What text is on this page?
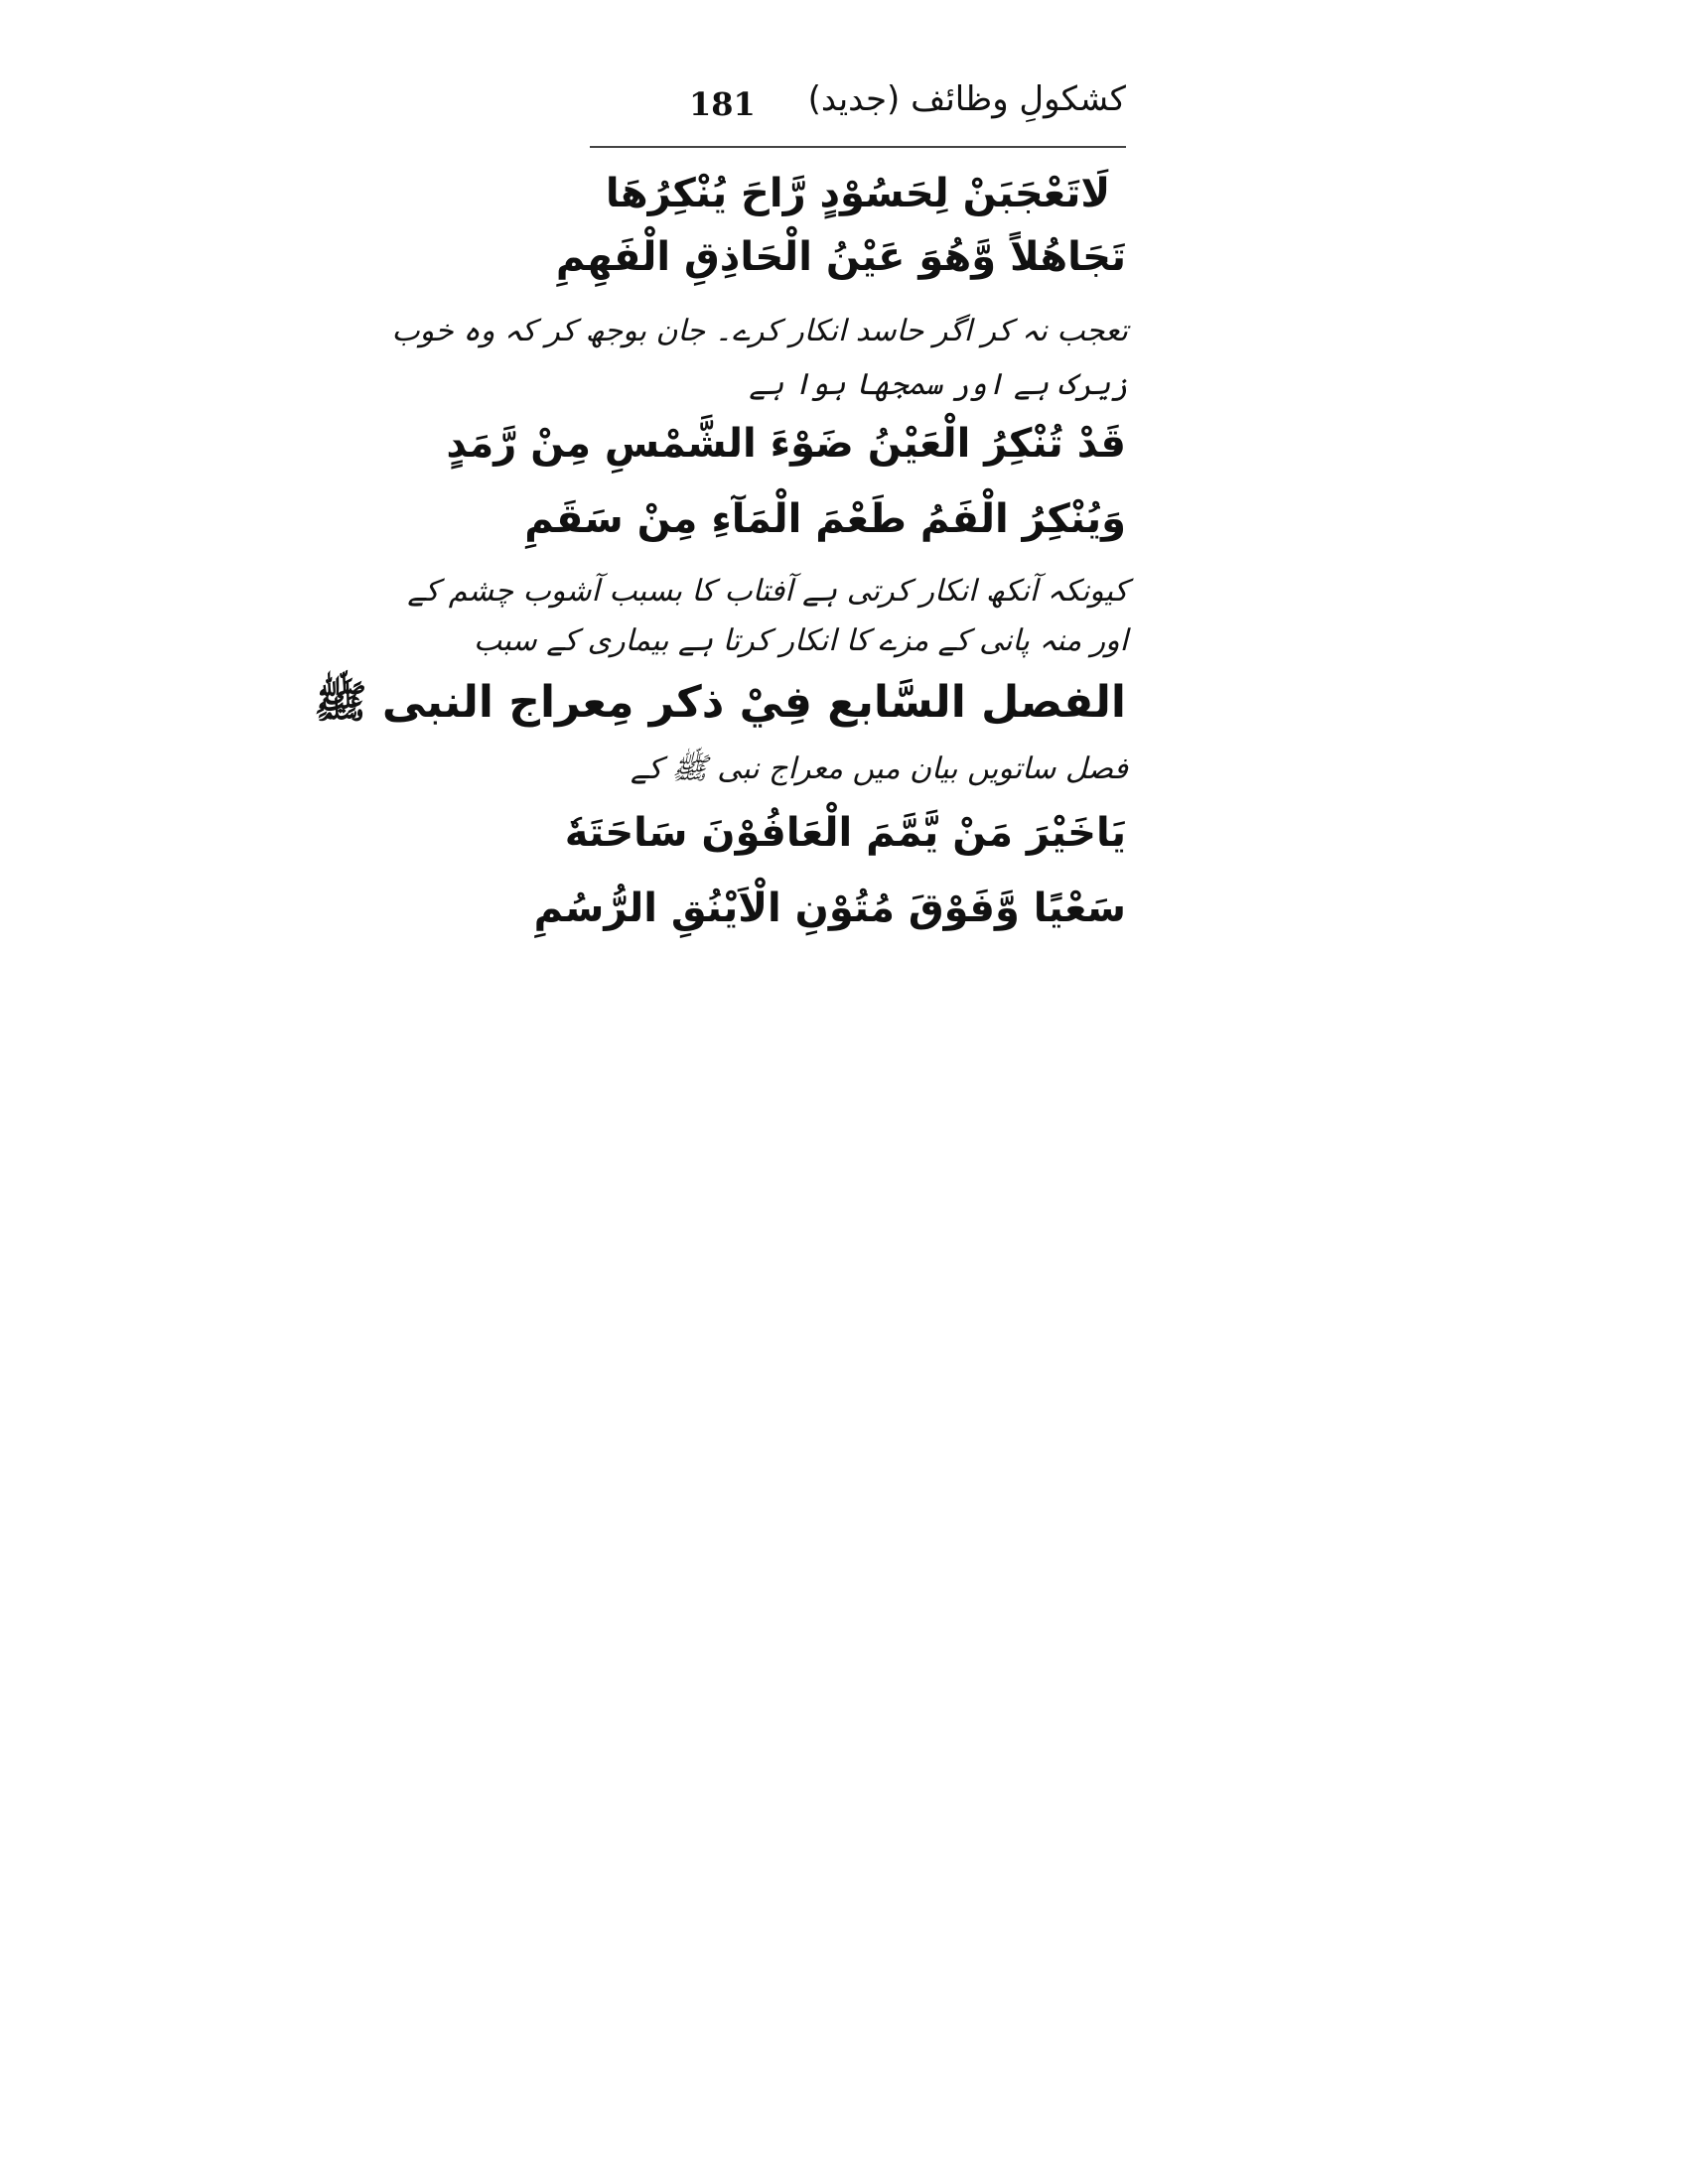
181 کشکولِ وظائف (جدید)
لَاتَعْجَبَنْ لِحَسُوْدٍ رَّاحَ يُنْكِرُهَا
تَجَاهُلاً وَّهُوَ عَيْنُ الْحَاذِقِ الْفَهِمِ
تعجب نہ کر اگر حاسد انکار کرے۔ جان بوجھ کر کہ وہ خوب
زیرک ہے اور سمجھا ہوا ہے
قَدْ تُنْكِرُ الْعَيْنُ ضَوْءَ الشَّمْسِ مِنْ رَّمَدٍ
وَيُنْكِرُ الْفَمُ طَعْمَ الْمَآءِ مِنْ سَقَمِ
کیونکہ آنکھ انکار کرتی ہے آفتاب کا بسبب آشوب چشم کے
اور منہ پانی کے مزے کا انکار کرتا ہے بیماری کے سبب
الفصل السَّابع فِيْ ذکر مِعراج النبی ﷺ
فصل ساتویں بیان میں معراج نبی ﷺ کے
يَاخَيْرَ مَنْ يَّمَّمَ الْعَافُوْنَ سَاحَتَهٗ
سَعْيًا وَّفَوْقَ مُتُوْنِ الْاَيْنُقِ الرُّسُمِ
